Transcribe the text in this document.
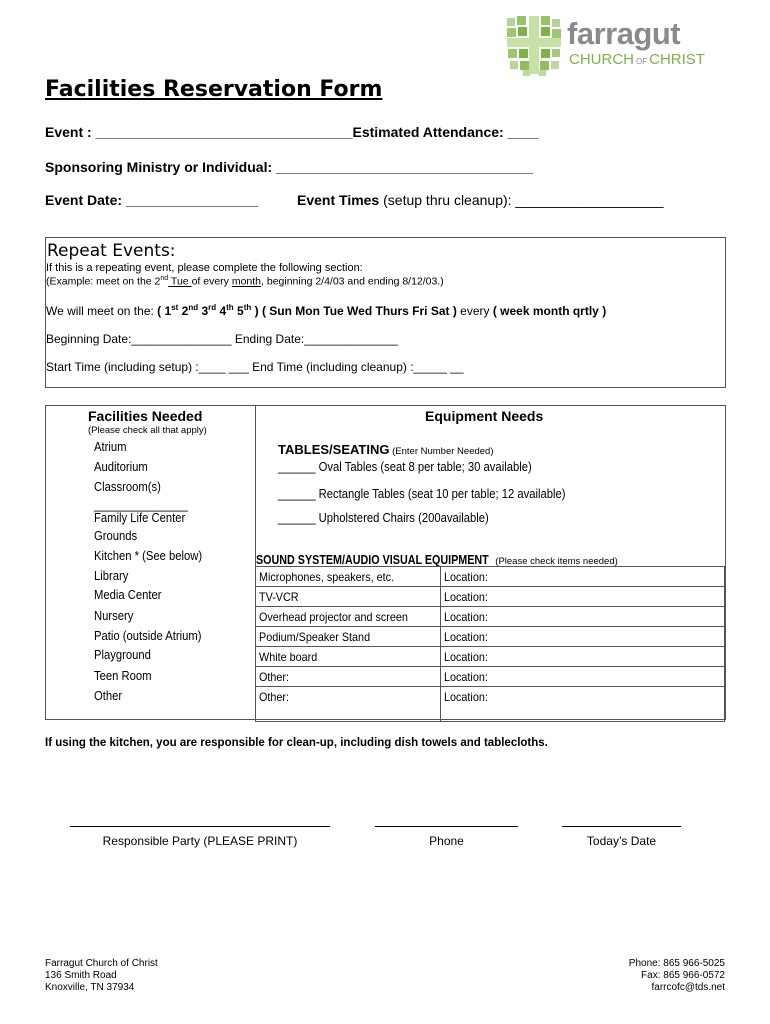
farragut
CHURCH OF CHRIST
Facilities Reservation Form
Event : _________________________________Estimated Attendance: ____
Sponsoring Ministry or Individual: _________________________________
Event Date: _________________	Event Times (setup thru cleanup): ___________________
Repeat Events:
If this is a repeating event, please complete the following section:
(Example: meet on the 2nd Tue of every month, beginning 2/4/03 and ending 8/12/03.)
We will meet on the: ( 1st 2nd 3rd 4th 5th ) ( Sun Mon Tue Wed Thurs Fri Sat ) every ( week month qrtly )
Beginning Date:_______________ Ending Date:______________
Start Time (including setup) :____ ___ End Time (including cleanup) :_____ __
Facilities Needed
(Please check all that apply)
Atrium
Auditorium
Classroom(s)
_______________
Family Life Center
Grounds
Kitchen * (See below)
Library
Media Center
Nursery
Patio (outside Atrium)
Playground
Teen Room
Other
Equipment Needs
TABLES/SEATING (Enter Number Needed)
______ Oval Tables (seat 8 per table; 30 available)
______ Rectangle Tables (seat 10 per table; 12 available)
______ Upholstered Chairs (200available)
SOUND SYSTEM/AUDIO VISUAL EQUIPMENT (Please check items needed)
Microphones, speakers, etc.	Location:
TV-VCR	Location:
Overhead projector and screen	Location:
Podium/Speaker Stand	Location:
White board	Location:
Other:	Location:
Other:	Location:
If using the kitchen, you are responsible for clean-up, including dish towels and tablecloths.
Responsible Party (PLEASE PRINT)	Phone	Today’s Date
Farragut Church of Christ
136 Smith Road
Knoxville, TN 37934
Phone: 865 966-5025
Fax: 865 966-0572
farrcofc@tds.net
